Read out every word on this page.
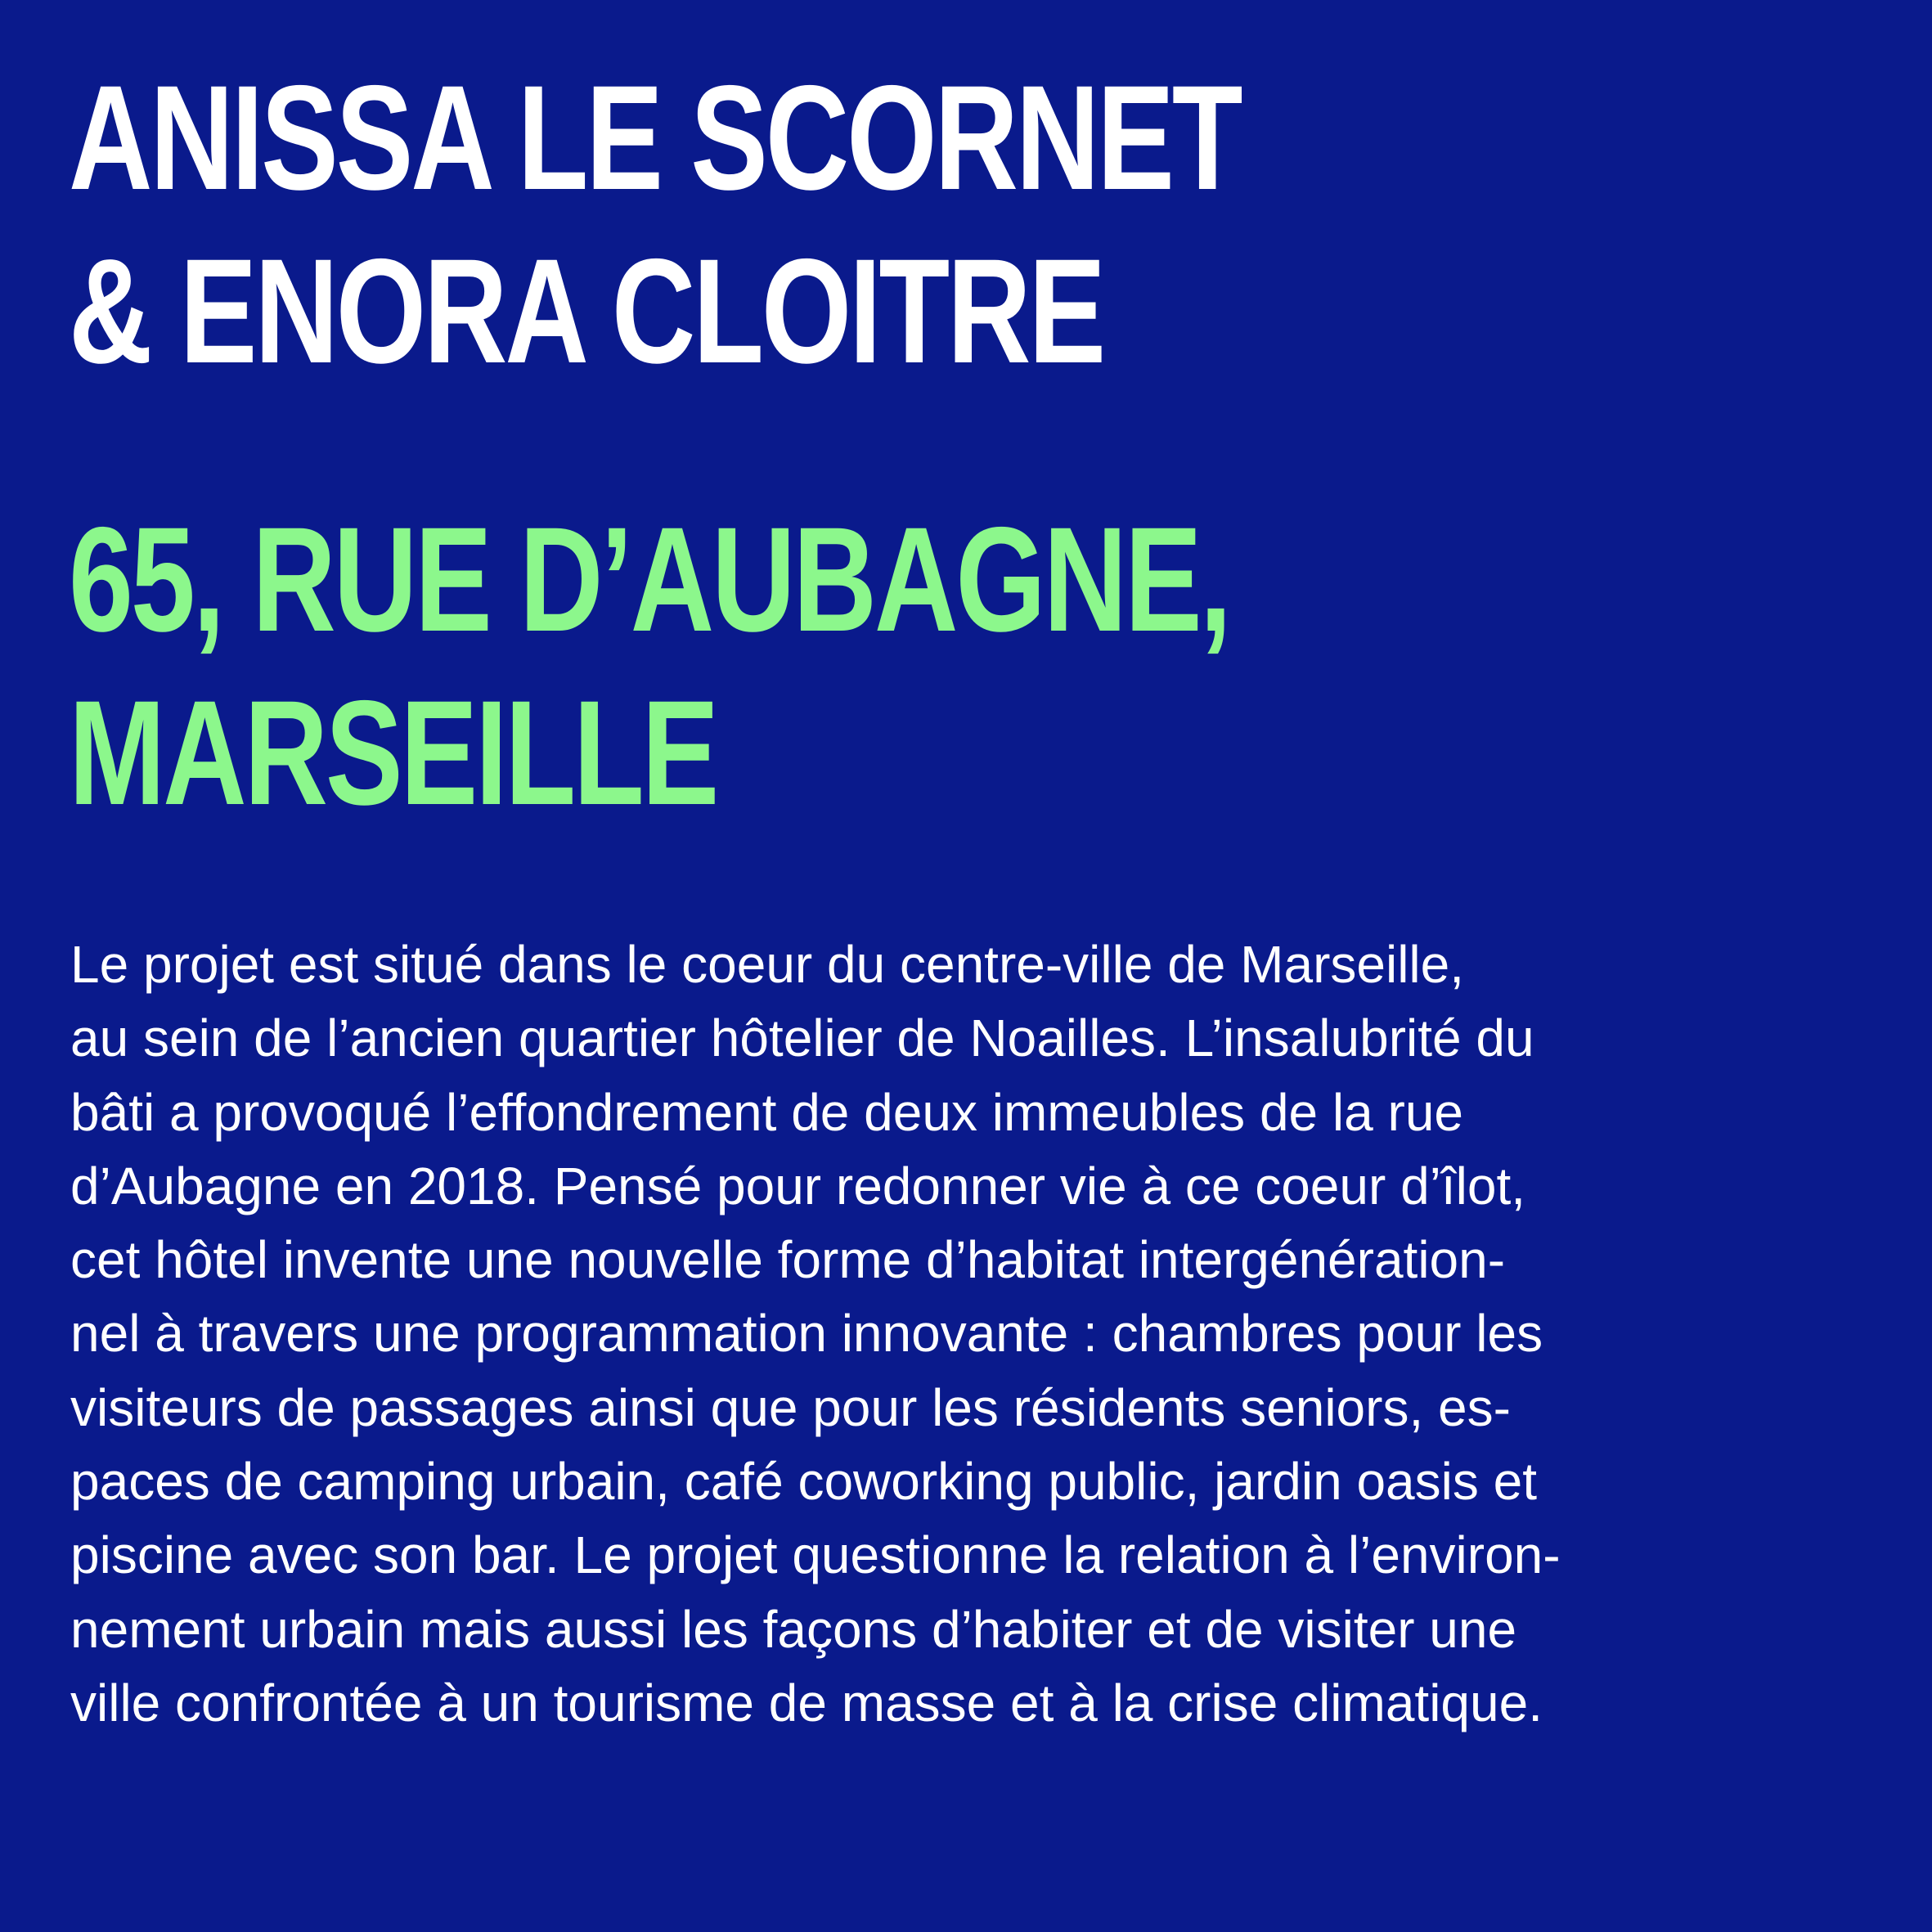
ANISSA LE SCORNET
& ENORA CLOITRE
65, RUE D’AUBAGNE,
MARSEILLE

Le projet est situé dans le coeur du centre-ville de Marseille,
au sein de l’ancien quartier hôtelier de Noailles. L’insalubrité du
bâti a provoqué l’effondrement de deux immeubles de la rue
d’Aubagne en 2018. Pensé pour redonner vie à ce coeur d’îlot,
cet hôtel invente une nouvelle forme d’habitat intergénération-
nel à travers une programmation innovante : chambres pour les
visiteurs de passages ainsi que pour les résidents seniors, es-
paces de camping urbain, café coworking public, jardin oasis et
piscine avec son bar. Le projet questionne la relation à l’environ-
nement urbain mais aussi les façons d’habiter et de visiter une
ville confrontée à un tourisme de masse et à la crise climatique.
